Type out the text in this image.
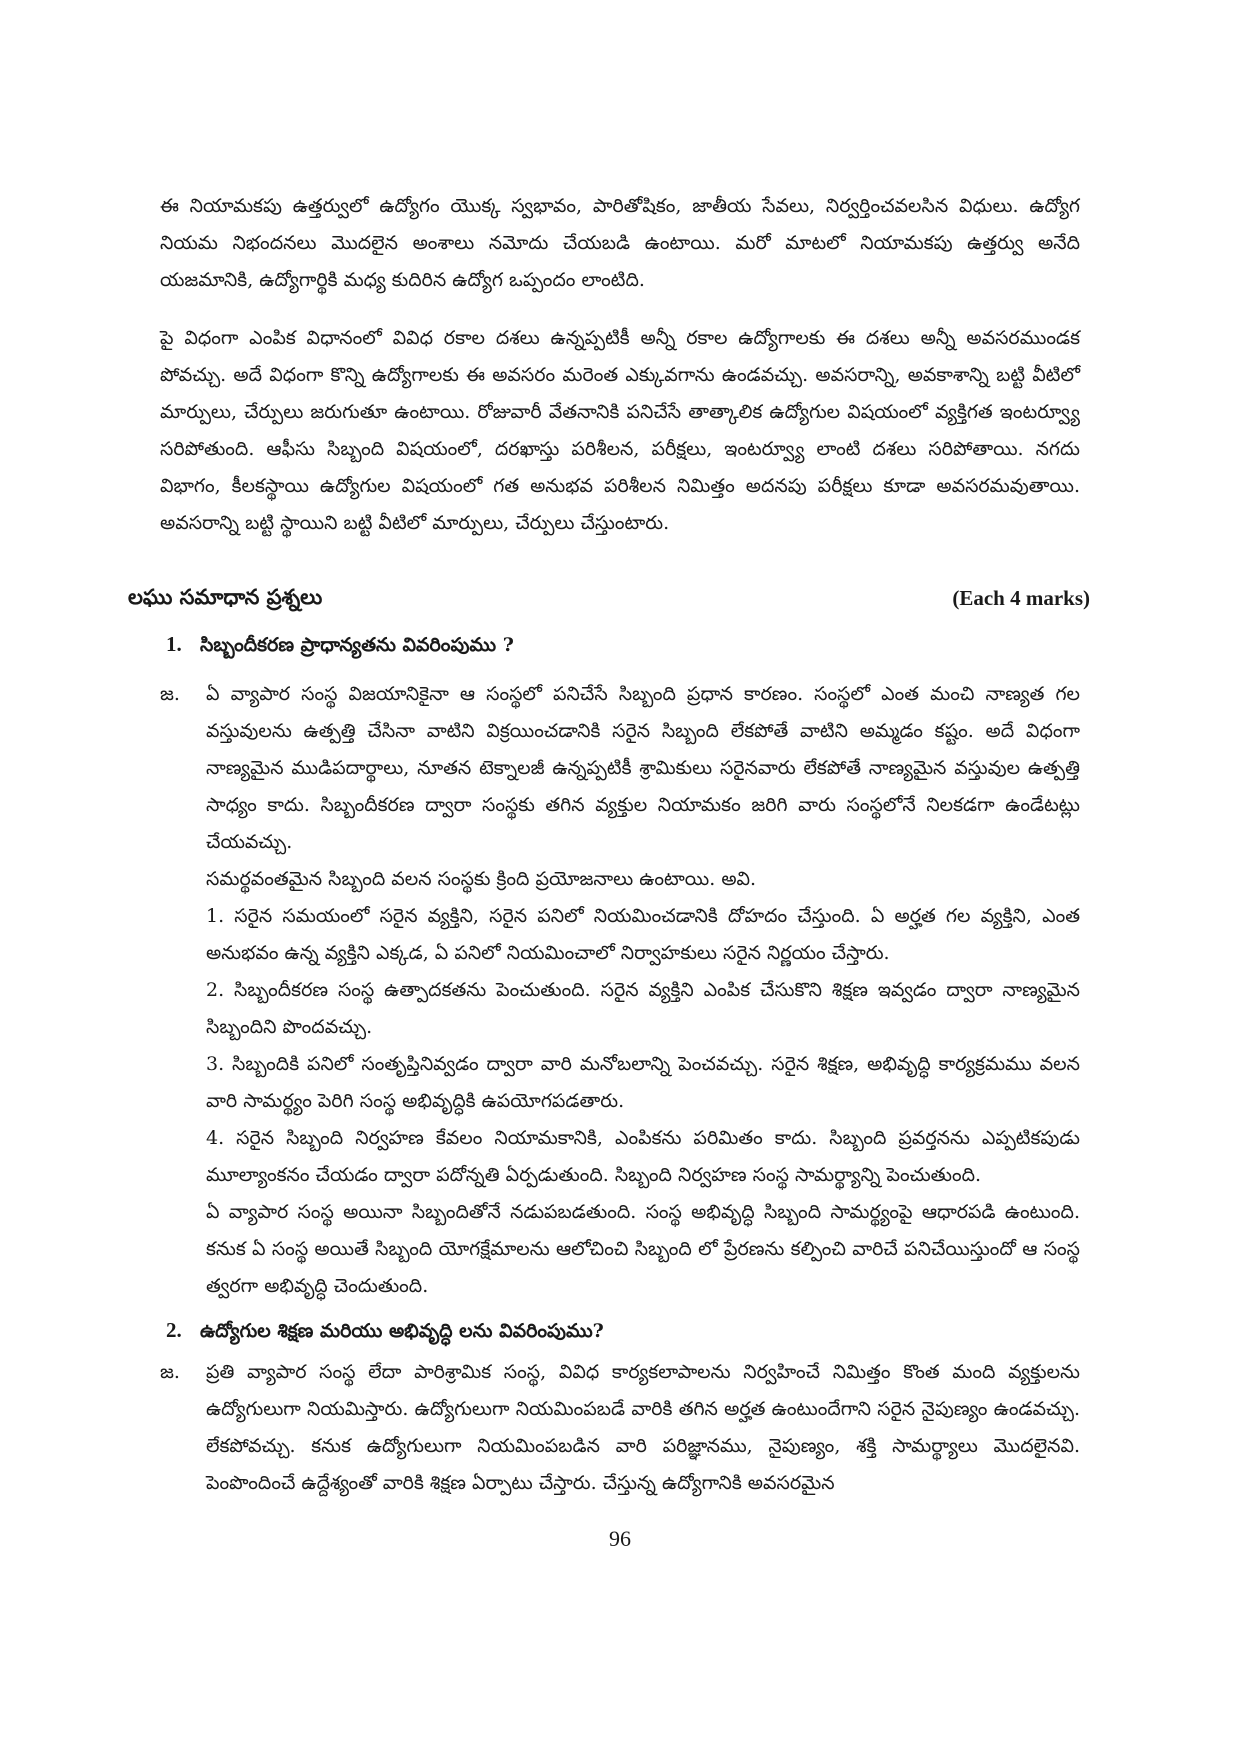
ఈ నియామకపు ఉత్తర్వులో ఉద్యోగం యొక్క స్వభావం, పారితోషికం, జాతీయ సేవలు, నిర్వర్తించవలసిన విధులు. ఉద్యోగ నియమ నిభందనలు మొదలైన అంశాలు నమోదు చేయబడి ఉంటాయి. మరో మాటలో నియామకపు ఉత్తర్వు అనేది యజమానికి, ఉద్యోగార్థికి మధ్య కుదిరిన ఉద్యోగ ఒప్పందం లాంటిది.

పై విధంగా ఎంపిక విధానంలో వివిధ రకాల దశలు ఉన్నప్పటికీ అన్నీ రకాల ఉద్యోగాలకు ఈ దశలు అన్నీ అవసరముండక పోవచ్చు. అదే విధంగా కొన్ని ఉద్యోగాలకు ఈ అవసరం మరెంత ఎక్కువగాను ఉండవచ్చు. అవసరాన్ని, అవకాశాన్ని బట్టి వీటిలో మార్పులు, చేర్పులు జరుగుతూ ఉంటాయి. రోజువారీ వేతనానికి పనిచేసే తాత్కాలిక ఉద్యోగుల విషయంలో వ్యక్తిగత ఇంటర్వ్యూ సరిపోతుంది. ఆఫీసు సిబ్బంది విషయంలో, దరఖాస్తు పరిశీలన, పరీక్షలు, ఇంటర్వ్యూ లాంటి దశలు సరిపోతాయి. నగదు విభాగం, కీలకస్థాయి ఉద్యోగుల విషయంలో గత అనుభవ పరిశీలన నిమిత్తం అదనపు పరీక్షలు కూడా అవసరమవుతాయి. అవసరాన్ని బట్టి స్థాయిని బట్టి వీటిలో మార్పులు, చేర్పులు చేస్తుంటారు.

లఘు సమాధాన ప్రశ్నలు	(Each 4 marks)
1. సిబ్బందీకరణ ప్రాధాన్యతను వివరింపుము ?
జ. ఏ వ్యాపార సంస్థ విజయానికైనా ఆ సంస్థలో పనిచేసే సిబ్బంది ప్రధాన కారణం. సంస్థలో ఎంత మంచి నాణ్యత గల వస్తువులను ఉత్పత్తి చేసినా వాటిని విక్రయించడానికి సరైన సిబ్బంది లేకపోతే వాటిని అమ్మడం కష్టం. అదే విధంగా నాణ్యమైన ముడిపదార్థాలు, నూతన టెక్నాలజీ ఉన్నప్పటికీ శ్రామికులు సరైనవారు లేకపోతే నాణ్యమైన వస్తువుల ఉత్పత్తి సాధ్యం కాదు. సిబ్బందీకరణ ద్వారా సంస్థకు తగిన వ్యక్తుల నియామకం జరిగి వారు సంస్థలోనే నిలకడగా ఉండేటట్లు చేయవచ్చు.

సమర్థవంతమైన సిబ్బంది వలన సంస్థకు క్రింది ప్రయోజనాలు ఉంటాయి. అవి.

1. సరైన సమయంలో సరైన వ్యక్తిని, సరైన పనిలో నియమించడానికి దోహదం చేస్తుంది. ఏ అర్హత గల వ్యక్తిని, ఎంత అనుభవం ఉన్న వ్యక్తిని ఎక్కడ, ఏ పనిలో నియమించాలో నిర్వాహకులు సరైన నిర్ణయం చేస్తారు.

2. సిబ్బందీకరణ సంస్థ ఉత్పాదకతను పెంచుతుంది. సరైన వ్యక్తిని ఎంపిక చేసుకొని శిక్షణ ఇవ్వడం ద్వారా నాణ్యమైన సిబ్బందిని పొందవచ్చు.

3. సిబ్బందికి పనిలో సంతృప్తినివ్వడం ద్వారా వారి మనోబలాన్ని పెంచవచ్చు. సరైన శిక్షణ, అభివృద్ధి కార్యక్రమము వలన వారి సామర్థ్యం పెరిగి సంస్థ అభివృద్ధికి ఉపయోగపడతారు.

4. సరైన సిబ్బంది నిర్వహణ కేవలం నియామకానికి, ఎంపికను పరిమితం కాదు. సిబ్బంది ప్రవర్తనను ఎప్పటికపుడు మూల్యాంకనం చేయడం ద్వారా పదోన్నతి ఏర్పడుతుంది. సిబ్బంది నిర్వహణ సంస్థ సామర్థ్యాన్ని పెంచుతుంది.

ఏ వ్యాపార సంస్థ అయినా సిబ్బందితోనే నడుపబడతుంది. సంస్థ అభివృద్ధి సిబ్బంది సామర్థ్యంపై ఆధారపడి ఉంటుంది. కనుక ఏ సంస్థ అయితే సిబ్బంది యోగక్షేమాలను ఆలోచించి సిబ్బంది లో ప్రేరణను కల్పించి వారిచే పనిచేయిస్తుందో ఆ సంస్థ త్వరగా అభివృద్ధి చెందుతుంది.

2. ఉద్యోగుల శిక్షణ మరియు అభివృద్ధి లను వివరింపుము?
జ. ప్రతి వ్యాపార సంస్థ లేదా పారిశ్రామిక సంస్థ, వివిధ కార్యకలాపాలను నిర్వహించే నిమిత్తం కొంత మంది వ్యక్తులను ఉద్యోగులుగా నియమిస్తారు. ఉద్యోగులుగా నియమింపబడే వారికి తగిన అర్హత ఉంటుందేగాని సరైన నైపుణ్యం ఉండవచ్చు. లేకపోవచ్చు. కనుక ఉద్యోగులుగా నియమింపబడిన వారి పరిజ్ఞానము, నైపుణ్యం, శక్తి సామర్థ్యాలు మొదలైనవి. పెంపొందించే ఉద్దేశ్యంతో వారికి శిక్షణ ఏర్పాటు చేస్తారు. చేస్తున్న ఉద్యోగానికి అవసరమైన

96
